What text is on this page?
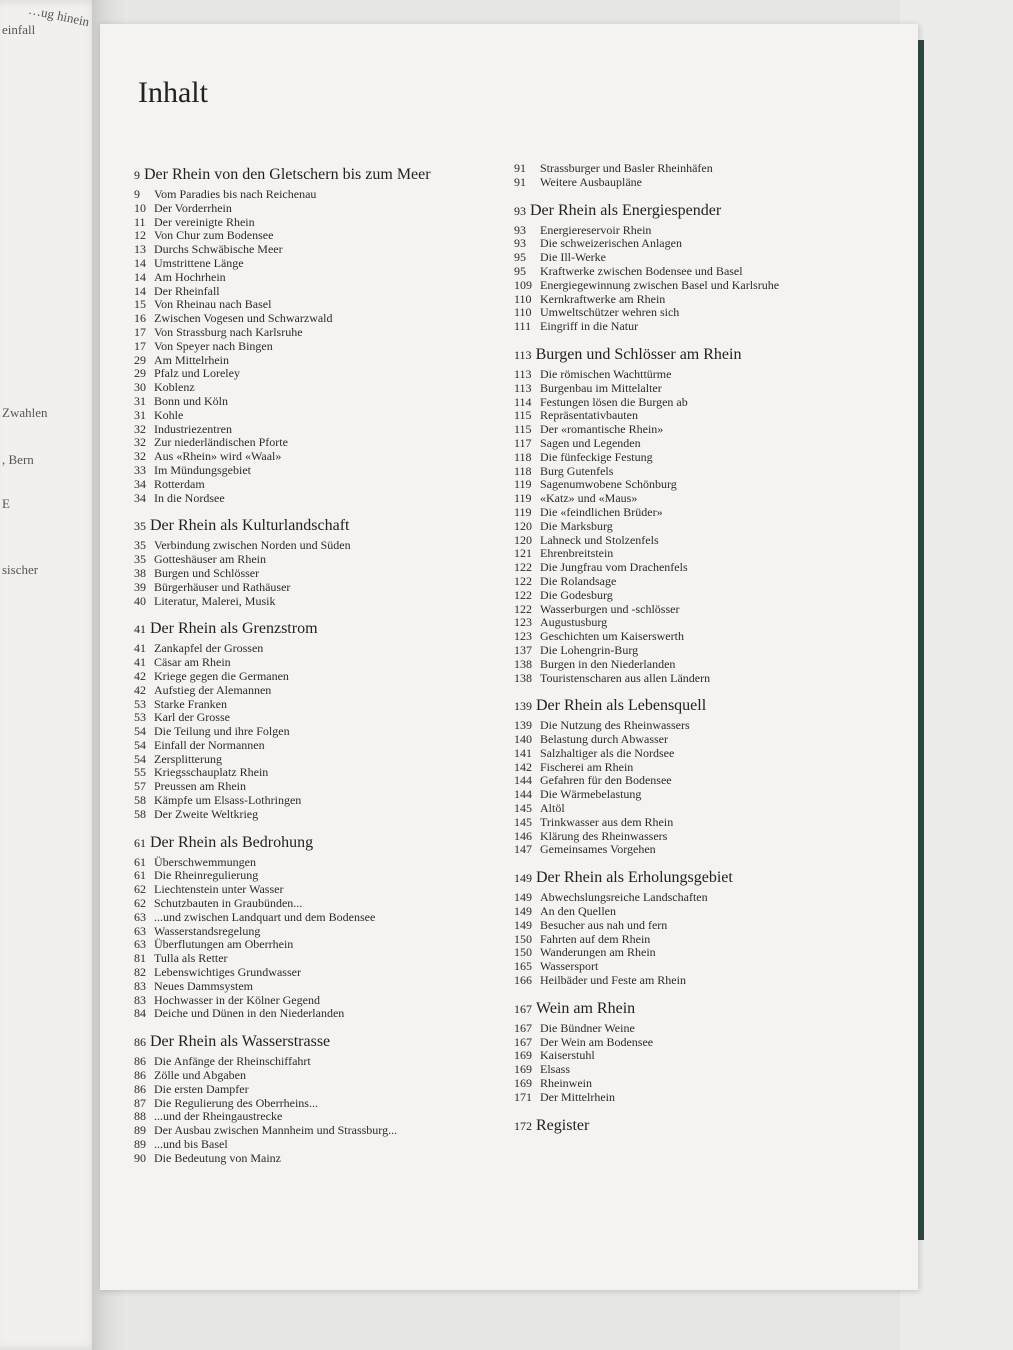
…ug hinein
einfall
Zwahlen
, Bern
E
sischer
Inhalt
9 Der Rhein von den Gletschern bis zum Meer
9 Vom Paradies bis nach Reichenau
10 Der Vorderrhein
11 Der vereinigte Rhein
12 Von Chur zum Bodensee
13 Durchs Schwäbische Meer
14 Umstrittene Länge
14 Am Hochrhein
14 Der Rheinfall
15 Von Rheinau nach Basel
16 Zwischen Vogesen und Schwarzwald
17 Von Strassburg nach Karlsruhe
17 Von Speyer nach Bingen
29 Am Mittelrhein
29 Pfalz und Loreley
30 Koblenz
31 Bonn und Köln
31 Kohle
32 Industriezentren
32 Zur niederländischen Pforte
32 Aus «Rhein» wird «Waal»
33 Im Mündungsgebiet
34 Rotterdam
34 In die Nordsee
35 Der Rhein als Kulturlandschaft
35 Verbindung zwischen Norden und Süden
35 Gotteshäuser am Rhein
38 Burgen und Schlösser
39 Bürgerhäuser und Rathäuser
40 Literatur, Malerei, Musik
41 Der Rhein als Grenzstrom
41 Zankapfel der Grossen
41 Cäsar am Rhein
42 Kriege gegen die Germanen
42 Aufstieg der Alemannen
53 Starke Franken
53 Karl der Grosse
54 Die Teilung und ihre Folgen
54 Einfall der Normannen
54 Zersplitterung
55 Kriegsschauplatz Rhein
57 Preussen am Rhein
58 Kämpfe um Elsass-Lothringen
58 Der Zweite Weltkrieg
61 Der Rhein als Bedrohung
61 Überschwemmungen
61 Die Rheinregulierung
62 Liechtenstein unter Wasser
62 Schutzbauten in Graubünden...
63 ...und zwischen Landquart und dem Bodensee
63 Wasserstandsregelung
63 Überflutungen am Oberrhein
81 Tulla als Retter
82 Lebenswichtiges Grundwasser
83 Neues Dammsystem
83 Hochwasser in der Kölner Gegend
84 Deiche und Dünen in den Niederlanden
86 Der Rhein als Wasserstrasse
86 Die Anfänge der Rheinschiffahrt
86 Zölle und Abgaben
86 Die ersten Dampfer
87 Die Regulierung des Oberrheins...
88 ...und der Rheingaustrecke
89 Der Ausbau zwischen Mannheim und Strassburg...
89 ...und bis Basel
90 Die Bedeutung von Mainz
91 Strassburger und Basler Rheinhäfen
91 Weitere Ausbaupläne
93 Der Rhein als Energiespender
93 Energiereservoir Rhein
93 Die schweizerischen Anlagen
95 Die Ill-Werke
95 Kraftwerke zwischen Bodensee und Basel
109 Energiegewinnung zwischen Basel und Karlsruhe
110 Kernkraftwerke am Rhein
110 Umweltschützer wehren sich
111 Eingriff in die Natur
113 Burgen und Schlösser am Rhein
113 Die römischen Wachttürme
113 Burgenbau im Mittelalter
114 Festungen lösen die Burgen ab
115 Repräsentativbauten
115 Der «romantische Rhein»
117 Sagen und Legenden
118 Die fünfeckige Festung
118 Burg Gutenfels
119 Sagenumwobene Schönburg
119 «Katz» und «Maus»
119 Die «feindlichen Brüder»
120 Die Marksburg
120 Lahneck und Stolzenfels
121 Ehrenbreitstein
122 Die Jungfrau vom Drachenfels
122 Die Rolandsage
122 Die Godesburg
122 Wasserburgen und -schlösser
123 Augustusburg
123 Geschichten um Kaiserswerth
137 Die Lohengrin-Burg
138 Burgen in den Niederlanden
138 Touristenscharen aus allen Ländern
139 Der Rhein als Lebensquell
139 Die Nutzung des Rheinwassers
140 Belastung durch Abwasser
141 Salzhaltiger als die Nordsee
142 Fischerei am Rhein
144 Gefahren für den Bodensee
144 Die Wärmebelastung
145 Altöl
145 Trinkwasser aus dem Rhein
146 Klärung des Rheinwassers
147 Gemeinsames Vorgehen
149 Der Rhein als Erholungsgebiet
149 Abwechslungsreiche Landschaften
149 An den Quellen
149 Besucher aus nah und fern
150 Fahrten auf dem Rhein
150 Wanderungen am Rhein
165 Wassersport
166 Heilbäder und Feste am Rhein
167 Wein am Rhein
167 Die Bündner Weine
167 Der Wein am Bodensee
169 Kaiserstuhl
169 Elsass
169 Rheinwein
171 Der Mittelrhein
172 Register
